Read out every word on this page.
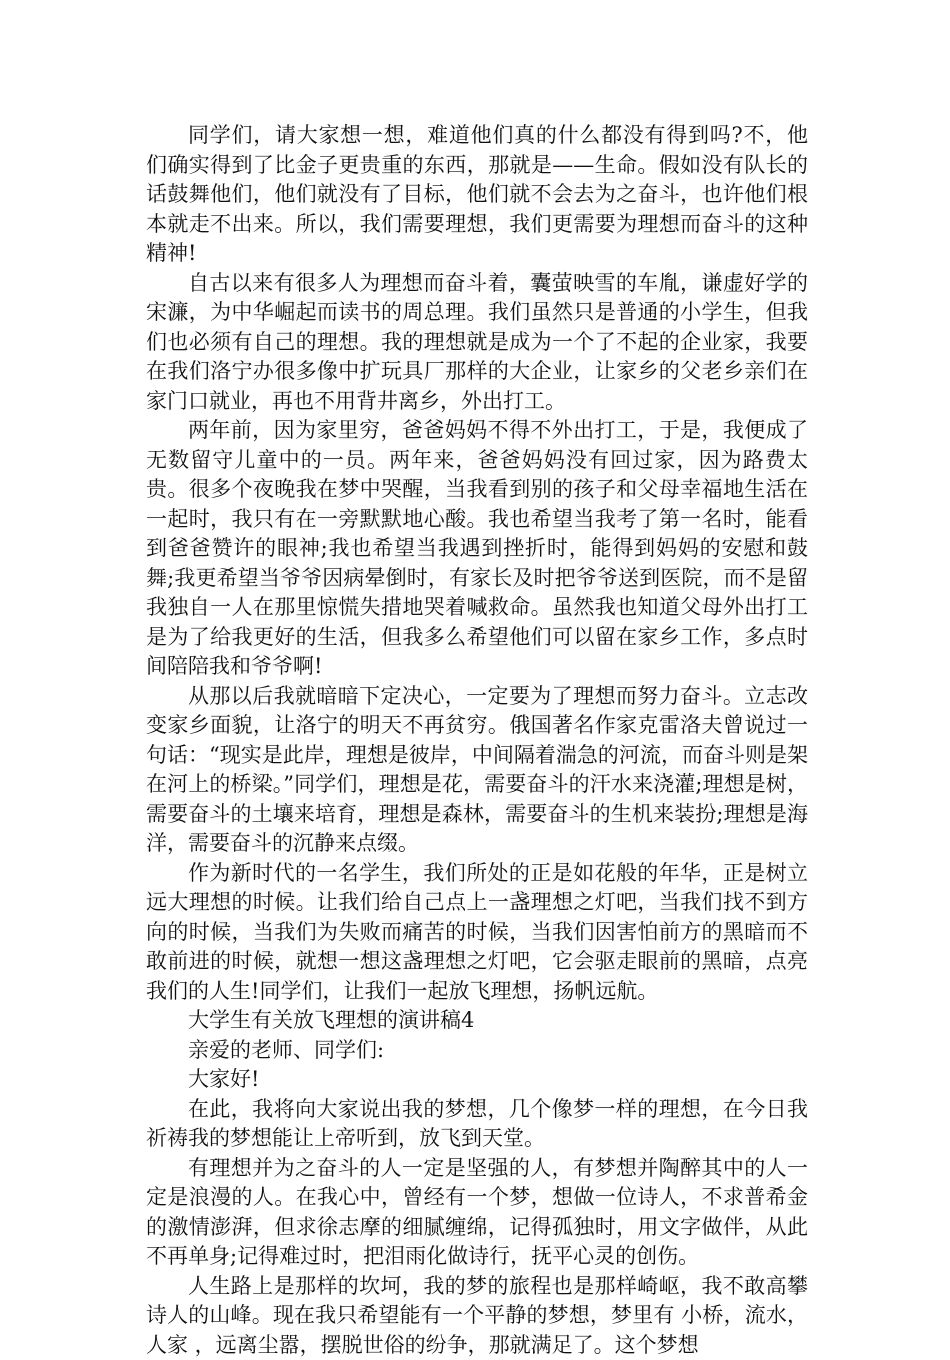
同学们，请大家想一想，难道他们真的什么都没有得到吗?不，他们确实得到了比金子更贵重的东西，那就是——生命。假如没有队长的话鼓舞他们，他们就没有了目标，他们就不会去为之奋斗，也许他们根本就走不出来。所以，我们需要理想，我们更需要为理想而奋斗的这种精神!

自古以来有很多人为理想而奋斗着，囊萤映雪的车胤，谦虚好学的宋濂，为中华崛起而读书的周总理。我们虽然只是普通的小学生，但我们也必须有自己的理想。我的理想就是成为一个了不起的企业家，我要在我们洛宁办很多像中扩玩具厂那样的大企业，让家乡的父老乡亲们在家门口就业，再也不用背井离乡，外出打工。

两年前，因为家里穷，爸爸妈妈不得不外出打工，于是，我便成了无数留守儿童中的一员。两年来，爸爸妈妈没有回过家，因为路费太贵。很多个夜晚我在梦中哭醒，当我看到别的孩子和父母幸福地生活在一起时，我只有在一旁默默地心酸。我也希望当我考了第一名时，能看到爸爸赞许的眼神;我也希望当我遇到挫折时，能得到妈妈的安慰和鼓舞;我更希望当爷爷因病晕倒时，有家长及时把爷爷送到医院，而不是留我独自一人在那里惊慌失措地哭着喊救命。虽然我也知道父母外出打工是为了给我更好的生活，但我多么希望他们可以留在家乡工作，多点时间陪陪我和爷爷啊!

从那以后我就暗暗下定决心，一定要为了理想而努力奋斗。立志改变家乡面貌，让洛宁的明天不再贫穷。俄国著名作家克雷洛夫曾说过一句话：“现实是此岸，理想是彼岸，中间隔着湍急的河流，而奋斗则是架在河上的桥梁。”同学们，理想是花，需要奋斗的汗水来浇灌;理想是树，需要奋斗的土壤来培育，理想是森林，需要奋斗的生机来装扮;理想是海洋，需要奋斗的沉静来点缀。

作为新时代的一名学生，我们所处的正是如花般的年华，正是树立远大理想的时候。让我们给自己点上一盏理想之灯吧，当我们找不到方向的时候，当我们为失败而痛苦的时候，当我们因害怕前方的黑暗而不敢前进的时候，就想一想这盏理想之灯吧，它会驱走眼前的黑暗，点亮我们的人生!同学们，让我们一起放飞理想，扬帆远航。

大学生有关放飞理想的演讲稿4

亲爱的老师、同学们:

大家好!

在此，我将向大家说出我的梦想，几个像梦一样的理想，在今日我祈祷我的梦想能让上帝听到，放飞到天堂。

有理想并为之奋斗的人一定是坚强的人，有梦想并陶醉其中的人一定是浪漫的人。在我心中，曾经有一个梦，想做一位诗人，不求普希金的激情澎湃，但求徐志摩的细腻缠绵，记得孤独时，用文字做伴，从此不再单身;记得难过时，把泪雨化做诗行，抚平心灵的创伤。

人生路上是那样的坎坷，我的梦的旅程也是那样崎岖，我不敢高攀诗人的山峰。现在我只希望能有一个平静的梦想，梦里有 小桥，流水，人家 ，远离尘嚣，摆脱世俗的纷争，那就满足了。这个梦想
